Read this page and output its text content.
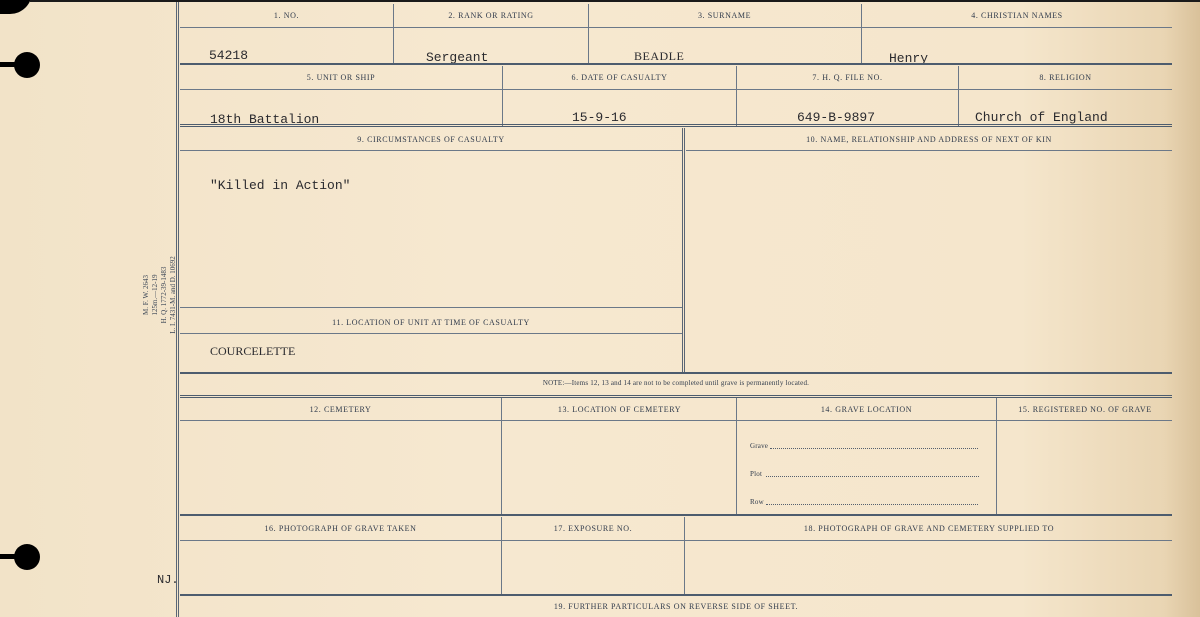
M. F. W. 2643 125m.—12-19 H. Q. 1772-39-1483 L. I. 7431-M. and D. 10692
NJ.
1. NO.	2. RANK OR RATING	3. SURNAME	4. CHRISTIAN NAMES
54218	Sergeant	BEADLE	Henry
5. UNIT OR SHIP	6. DATE OF CASUALTY	7. H. Q. FILE NO.	8. RELIGION
18th Battalion	15-9-16	649-B-9897	Church of England
9. CIRCUMSTANCES OF CASUALTY	10. NAME, RELATIONSHIP AND ADDRESS OF NEXT OF KIN
"Killed in Action"
11. LOCATION OF UNIT AT TIME OF CASUALTY
COURCELETTE
NOTE:—Items 12, 13 and 14 are not to be completed until grave is permanently located.
12. CEMETERY	13. LOCATION OF CEMETERY	14. GRAVE LOCATION	15. REGISTERED NO. OF GRAVE
Grave
Plot
Row
16. PHOTOGRAPH OF GRAVE TAKEN	17. EXPOSURE NO.	18. PHOTOGRAPH OF GRAVE AND CEMETERY SUPPLIED TO
19. FURTHER PARTICULARS ON REVERSE SIDE OF SHEET.
